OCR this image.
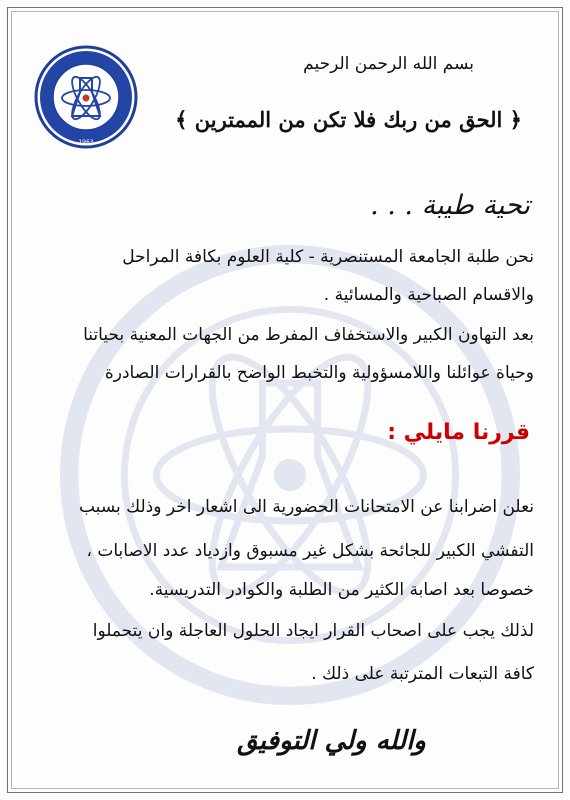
1963
بسم الله الرحمن الرحيم
﴿ الحق من ربك فلا تكن من الممترين ﴾
تحية طيبة . . .
نحن طلبة الجامعة المستنصرية - كلية العلوم بكافة المراحل
والاقسام الصباحية والمسائية .
بعد التهاون الكبير والاستخفاف المفرط من الجهات المعنية بحياتنا
وحياة عوائلنا واللامسؤولية والتخبط الواضح بالقرارات الصادرة
قررنا مايلي :
نعلن اضرابنا عن الامتحانات الحضورية الى اشعار اخر وذلك بسبب
التفشي الكبير للجائحة بشكل غير مسبوق وازدياد عدد الاصابات ،
خصوصا بعد اصابة الكثير من الطلبة والكوادر التدريسية.
لذلك يجب على اصحاب القرار ايجاد الحلول العاجلة وان يتحملوا
كافة التبعات المترتبة على ذلك .
والله ولي التوفيق
